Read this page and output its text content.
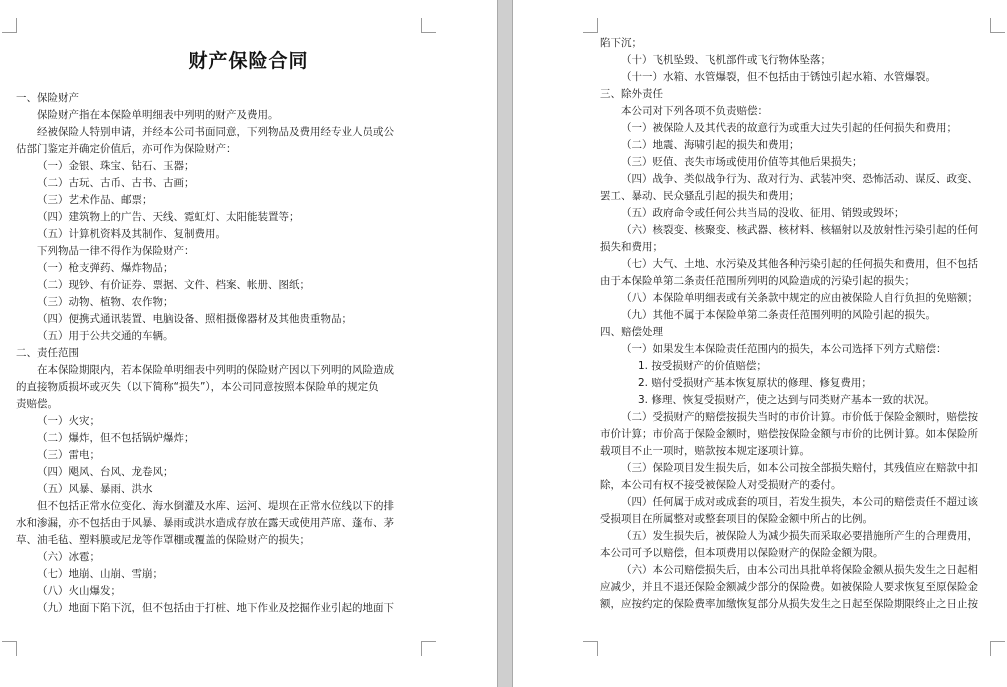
财产保险合同
一、保险财产
保险财产指在本保险单明细表中列明的财产及费用。
经被保险人特别申请，并经本公司书面同意，下列物品及费用经专业人员或公
估部门鉴定并确定价值后，亦可作为保险财产：
（一）金银、珠宝、钻石、玉器；
（二）古玩、古币、古书、古画；
（三）艺术作品、邮票；
（四）建筑物上的广告、天线、霓虹灯、太阳能装置等；
（五）计算机资料及其制作、复制费用。
下列物品一律不得作为保险财产：
（一）枪支弹药、爆炸物品；
（二）现钞、有价证券、票据、文件、档案、帐册、图纸；
（三）动物、植物、农作物；
（四）便携式通讯装置、电脑设备、照相摄像器材及其他贵重物品；
（五）用于公共交通的车辆。
二、责任范围
在本保险期限内，若本保险单明细表中列明的保险财产因以下列明的风险造成
的直接物质损坏或灭失（以下简称“损失”），本公司同意按照本保险单的规定负
责赔偿。
（一）火灾；
（二）爆炸，但不包括锅炉爆炸；
（三）雷电；
（四）飓风、台风、龙卷风；
（五）风暴、暴雨、洪水
但不包括正常水位变化、海水倒灌及水库、运河、堤坝在正常水位线以下的排
水和渗漏，亦不包括由于风暴、暴雨或洪水造成存放在露天或使用芦席、蓬布、茅
草、油毛毡、塑料膜或尼龙等作罩棚或覆盖的保险财产的损失；
（六）冰雹；
（七）地崩、山崩、雪崩；
（八）火山爆发；
（九）地面下陷下沉，但不包括由于打桩、地下作业及挖掘作业引起的地面下
陷下沉；
（十）飞机坠毁、飞机部件或飞行物体坠落；
（十一）水箱、水管爆裂，但不包括由于锈蚀引起水箱、水管爆裂。
三、除外责任
本公司对下列各项不负责赔偿：
（一）被保险人及其代表的故意行为或重大过失引起的任何损失和费用；
（二）地震、海啸引起的损失和费用；
（三）贬值、丧失市场或使用价值等其他后果损失；
（四）战争、类似战争行为、敌对行为、武装冲突、恐怖活动、谋反、政变、
罢工、暴动、民众骚乱引起的损失和费用；
（五）政府命令或任何公共当局的没收、征用、销毁或毁坏；
（六）核裂变、核聚变、核武器、核材料、核辐射以及放射性污染引起的任何
损失和费用；
（七）大气、土地、水污染及其他各种污染引起的任何损失和费用，但不包括
由于本保险单第二条责任范围所列明的风险造成的污染引起的损失；
（八）本保险单明细表或有关条款中规定的应由被保险人自行负担的免赔额；
（九）其他不属于本保险单第二条责任范围列明的风险引起的损失。
四、赔偿处理
（一）如果发生本保险责任范围内的损失，本公司选择下列方式赔偿：
1. 按受损财产的价值赔偿；
2. 赔付受损财产基本恢复原状的修理、修复费用；
3. 修理、恢复受损财产，使之达到与同类财产基本一致的状况。
（二）受损财产的赔偿按损失当时的市价计算。市价低于保险金额时，赔偿按
市价计算；市价高于保险金额时，赔偿按保险金额与市价的比例计算。如本保险所
载项目不止一项时，赔款按本规定逐项计算。
（三）保险项目发生损失后，如本公司按全部损失赔付，其残值应在赔款中扣
除，本公司有权不接受被保险人对受损财产的委付。
（四）任何属于成对或成套的项目，若发生损失，本公司的赔偿责任不超过该
受损项目在所属整对或整套项目的保险金额中所占的比例。
（五）发生损失后，被保险人为减少损失而采取必要措施所产生的合理费用，
本公司可予以赔偿，但本项费用以保险财产的保险金额为限。
（六）本公司赔偿损失后，由本公司出具批单将保险金额从损失发生之日起相
应减少，并且不退还保险金额减少部分的保险费。如被保险人要求恢复至原保险金
额，应按约定的保险费率加缴恢复部分从损失发生之日起至保险期限终止之日止按
